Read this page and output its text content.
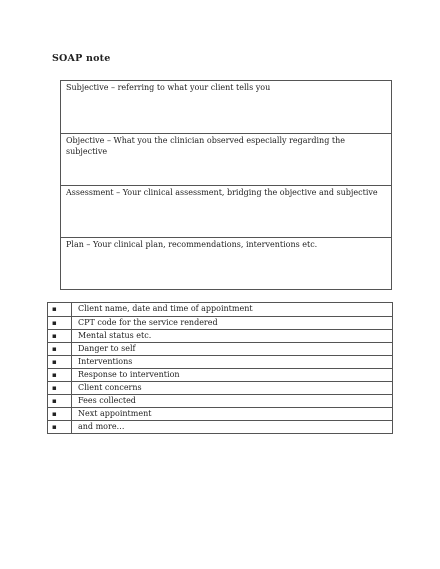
SOAP note
Subjective – referring to what your client tells you
Objective – What you the clinician observed especially regarding the subjective
Assessment – Your clinical assessment, bridging the objective and subjective
Plan – Your clinical plan, recommendations, interventions etc.
▪	Client name, date and time of appointment
▪	CPT code for the service rendered
▪	Mental status etc.
▪	Danger to self
▪	Interventions
▪	Response to intervention
▪	Client concerns
▪	Fees collected
▪	Next appointment
▪	and more…
